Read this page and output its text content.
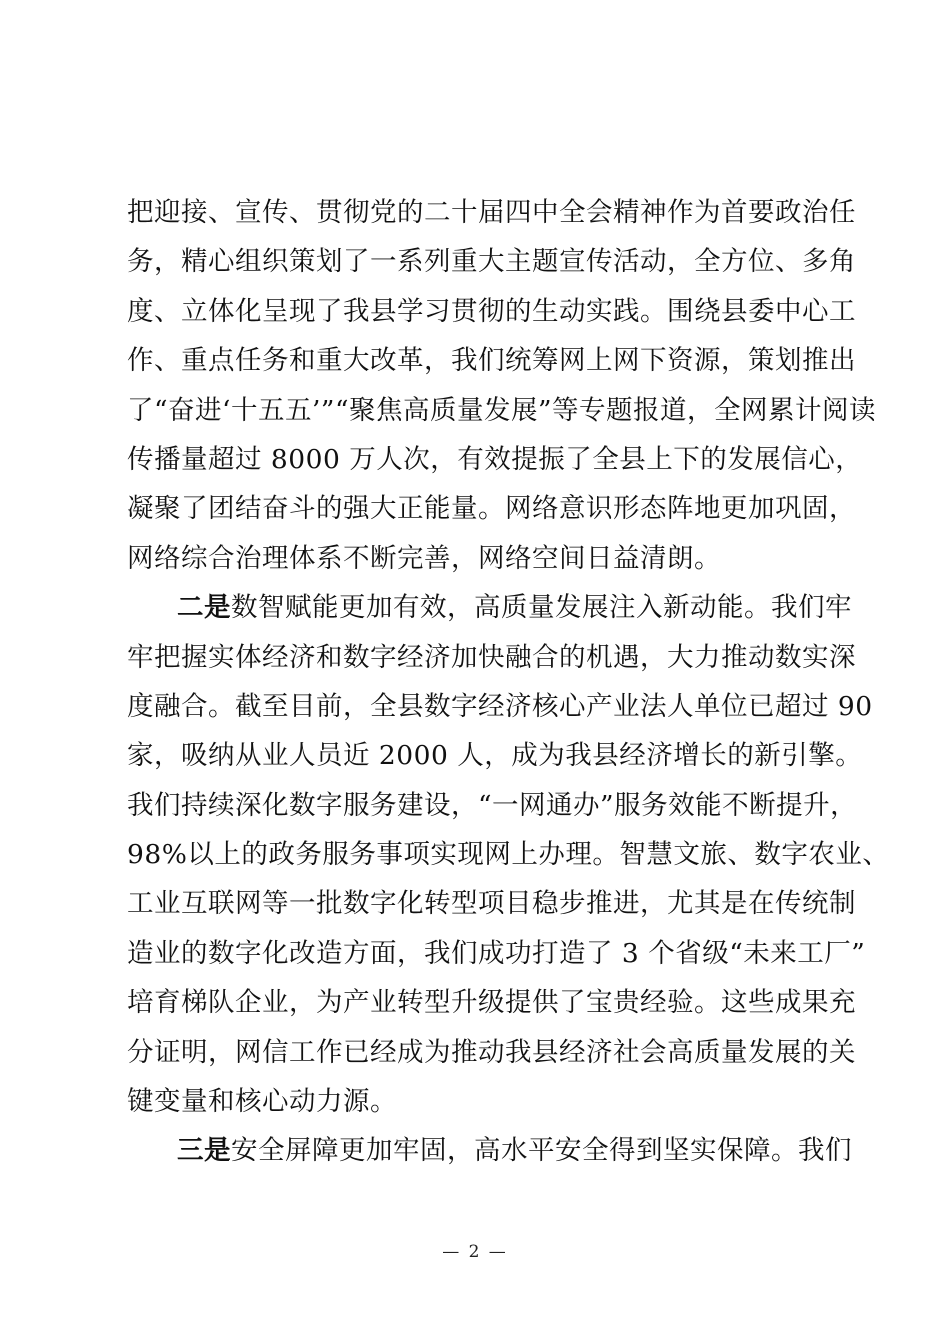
把迎接、宣传、贯彻党的二十届四中全会精神作为首要政治任
务，精心组织策划了一系列重大主题宣传活动，全方位、多角
度、立体化呈现了我县学习贯彻的生动实践。围绕县委中心工
作、重点任务和重大改革，我们统筹网上网下资源，策划推出
了“奋进‘十五五’”“聚焦高质量发展”等专题报道，全网累计阅读
传播量超过 8000 万人次，有效提振了全县上下的发展信心，
凝聚了团结奋斗的强大正能量。网络意识形态阵地更加巩固，
网络综合治理体系不断完善，网络空间日益清朗。
二是数智赋能更加有效，高质量发展注入新动能。我们牢
牢把握实体经济和数字经济加快融合的机遇，大力推动数实深
度融合。截至目前，全县数字经济核心产业法人单位已超过 90
家，吸纳从业人员近 2000 人，成为我县经济增长的新引擎。
我们持续深化数字服务建设，“一网通办”服务效能不断提升，
98%以上的政务服务事项实现网上办理。智慧文旅、数字农业、
工业互联网等一批数字化转型项目稳步推进，尤其是在传统制
造业的数字化改造方面，我们成功打造了 3 个省级“未来工厂”
培育梯队企业，为产业转型升级提供了宝贵经验。这些成果充
分证明，网信工作已经成为推动我县经济社会高质量发展的关
键变量和核心动力源。
三是安全屏障更加牢固，高水平安全得到坚实保障。我们
— 2 —
